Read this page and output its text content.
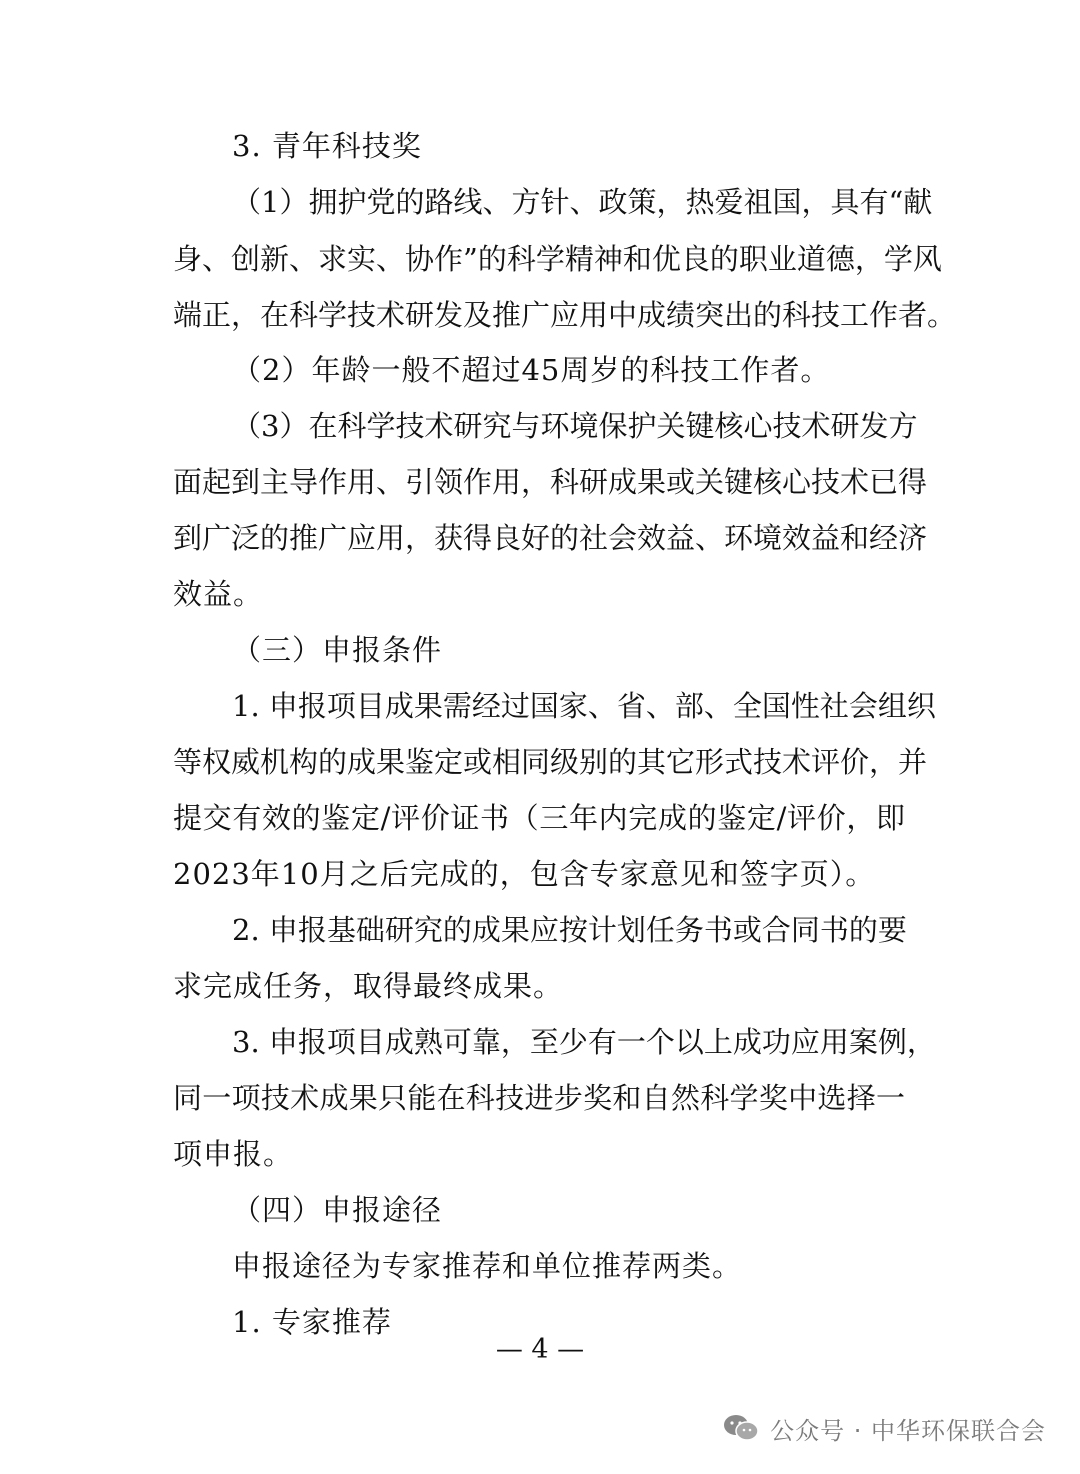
3. 青年科技奖
（1）拥护党的路线、方针、政策，热爱祖国，具有“献
身、创新、求实、协作”的科学精神和优良的职业道德，学风
端正，在科学技术研发及推广应用中成绩突出的科技工作者。
（2）年龄一般不超过45周岁的科技工作者。
（3）在科学技术研究与环境保护关键核心技术研发方
面起到主导作用、引领作用，科研成果或关键核心技术已得
到广泛的推广应用，获得良好的社会效益、环境效益和经济
效益。
（三）申报条件
1. 申报项目成果需经过国家、省、部、全国性社会组织
等权威机构的成果鉴定或相同级别的其它形式技术评价，并
提交有效的鉴定/评价证书（三年内完成的鉴定/评价，即
2023年10月之后完成的，包含专家意见和签字页）。
2. 申报基础研究的成果应按计划任务书或合同书的要
求完成任务，取得最终成果。
3. 申报项目成熟可靠，至少有一个以上成功应用案例，
同一项技术成果只能在科技进步奖和自然科学奖中选择一
项申报。
（四）申报途径
申报途径为专家推荐和单位推荐两类。
1. 专家推荐
— 4 —
公众号 · 中华环保联合会
